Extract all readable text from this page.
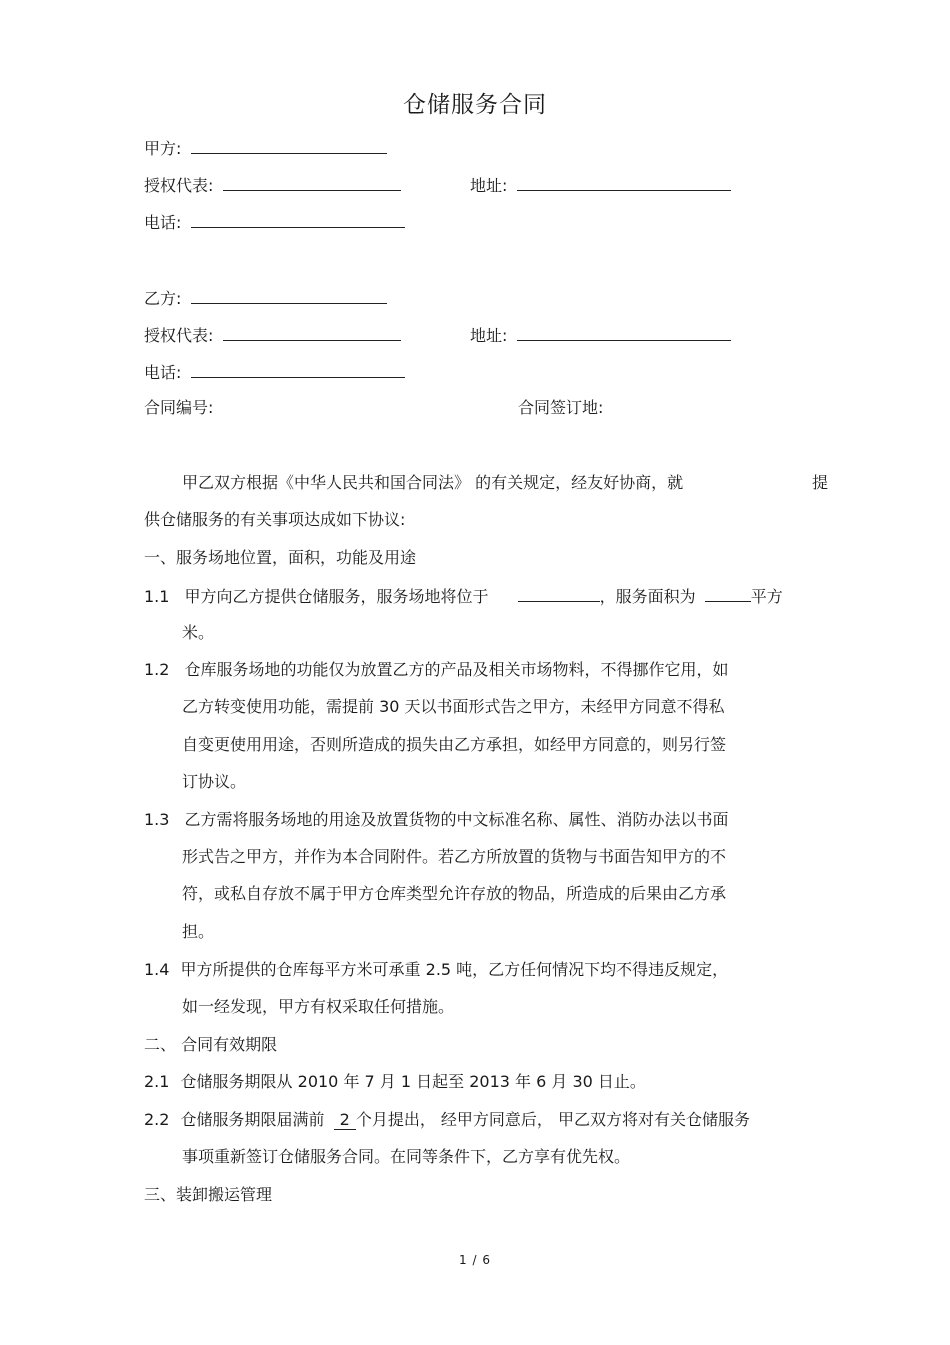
仓储服务合同
甲方:
授权代表:	地址:
电话:
乙方:
授权代表:	地址:
电话:
合同编号:	合同签订地:
甲乙双方根据《中华人民共和国合同法》 的有关规定，经友好协商，就	提
供仓储服务的有关事项达成如下协议:
一、服务场地位置，面积，功能及用途
1.1 甲方向乙方提供仓储服务，服务场地将位于	，服务面积为	平方
米。
1.2 仓库服务场地的功能仅为放置乙方的产品及相关市场物料，不得挪作它用，如
乙方转变使用功能，需提前 30 天以书面形式告之甲方，未经甲方同意不得私
自变更使用用途，否则所造成的损失由乙方承担，如经甲方同意的，则另行签
订协议。
1.3 乙方需将服务场地的用途及放置货物的中文标准名称、属性、消防办法以书面
形式告之甲方，并作为本合同附件。若乙方所放置的货物与书面告知甲方的不
符，或私自存放不属于甲方仓库类型允许存放的物品，所造成的后果由乙方承
担。
1.4 甲方所提供的仓库每平方米可承重 2.5 吨，乙方任何情况下均不得违反规定，
如一经发现，甲方有权采取任何措施。
二、 合同有效期限
2.1 仓储服务期限从 2010 年 7 月 1 日起至 2013 年 6 月 30 日止。
2.2 仓储服务期限届满前 2 个月提出， 经甲方同意后， 甲乙双方将对有关仓储服务
事项重新签订仓储服务合同。在同等条件下，乙方享有优先权。
三、装卸搬运管理
1 / 6
